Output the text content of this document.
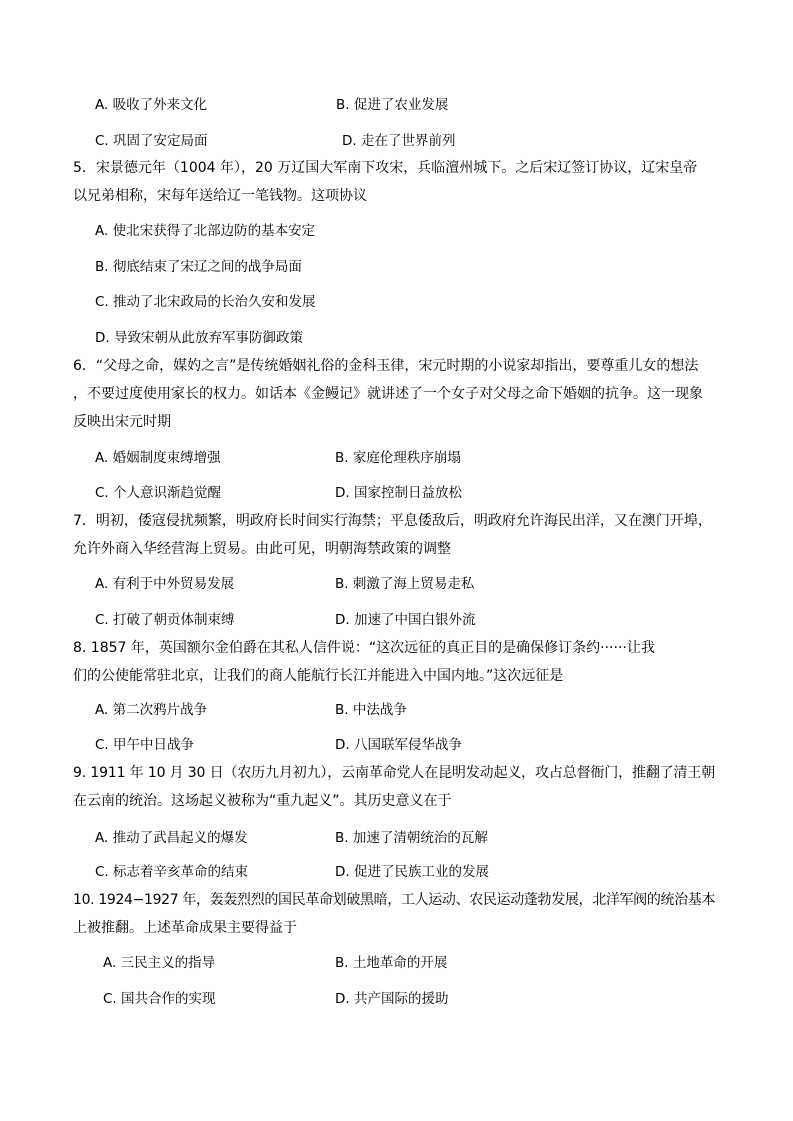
A. 吸收了外来文化	B. 促进了农业发展
C. 巩固了安定局面	D. 走在了世界前列
5．宋景德元年（1004 年），20 万辽国大军南下攻宋，兵临澶州城下。之后宋辽签订协议，辽宋皇帝
以兄弟相称，宋每年送给辽一笔钱物。这项协议
A. 使北宋获得了北部边防的基本安定
B. 彻底结束了宋辽之间的战争局面
C. 推动了北宋政局的长治久安和发展
D. 导致宋朝从此放弃军事防御政策
6．“父母之命，媒妁之言”是传统婚姻礼俗的金科玉律，宋元时期的小说家却指出，要尊重儿女的想法
，不要过度使用家长的权力。如话本《金鳗记》就讲述了一个女子对父母之命下婚姻的抗争。这一现象
反映出宋元时期
A. 婚姻制度束缚增强	B. 家庭伦理秩序崩塌
C. 个人意识渐趋觉醒	D. 国家控制日益放松
7．明初，倭寇侵扰频繁，明政府长时间实行海禁；平息倭敌后，明政府允许海民出洋，又在澳门开埠，
允许外商入华经营海上贸易。由此可见，明朝海禁政策的调整
A. 有利于中外贸易发展	B. 刺激了海上贸易走私
C. 打破了朝贡体制束缚	D. 加速了中国白银外流
8. 1857 年，英国额尔金伯爵在其私人信件说：“这次远征的真正目的是确保修订条约······让我
们的公使能常驻北京，让我们的商人能航行长江并能进入中国内地。”这次远征是
A. 第二次鸦片战争	B. 中法战争
C. 甲午中日战争	D. 八国联军侵华战争
9. 1911 年 10 月 30 日（农历九月初九），云南革命党人在昆明发动起义，攻占总督衙门，推翻了清王朝
在云南的统治。这场起义被称为“重九起义”。其历史意义在于
A. 推动了武昌起义的爆发	B. 加速了清朝统治的瓦解
C. 标志着辛亥革命的结束	D. 促进了民族工业的发展
10. 1924−1927 年，轰轰烈烈的国民革命划破黑暗，工人运动、农民运动蓬勃发展，北洋军阀的统治基本
上被推翻。上述革命成果主要得益于
A. 三民主义的指导	B. 土地革命的开展
C. 国共合作的实现	D. 共产国际的援助
